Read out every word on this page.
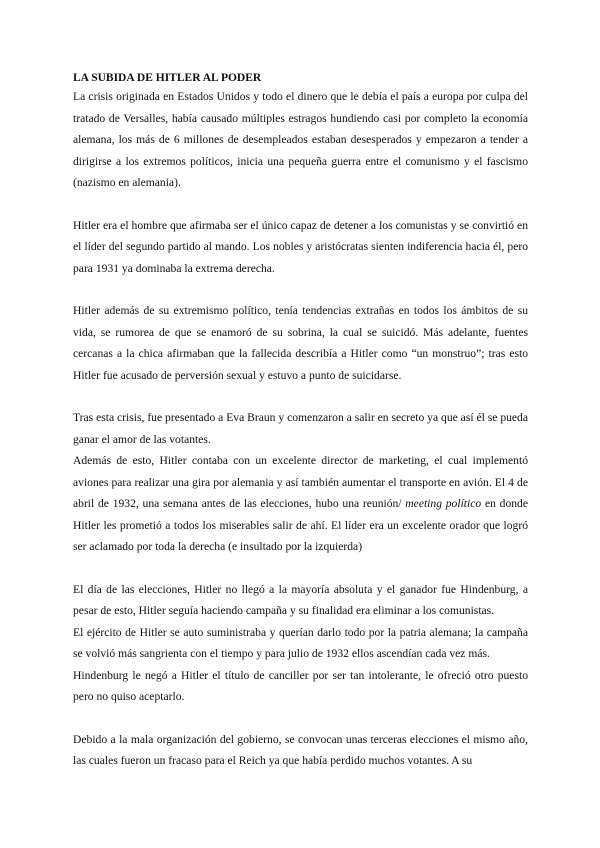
LA SUBIDA DE HITLER AL PODER

La crisis originada en Estados Unidos y todo el dinero que le debía el país a europa por culpa del tratado de Versalles, había causado múltiples estragos hundiendo casi por completo la economía alemana, los más de 6 millones de desempleados estaban desesperados y empezaron a tender a dirigirse a los extremos políticos, inicia una pequeña guerra entre el comunismo y el fascismo (nazismo en alemania).

Hitler era el hombre que afirmaba ser el único capaz de detener a los comunistas y se convirtió en el líder del segundo partido al mando. Los nobles y aristócratas sienten indiferencia hacia él, pero para 1931 ya dominaba la extrema derecha.

Hitler además de su extremismo político, tenía tendencias extrañas en todos los ámbitos de su vida, se rumorea de que se enamoró de su sobrina, la cual se suicidó. Más adelante, fuentes cercanas a la chica afirmaban que la fallecida describía a Hitler como “un monstruo”; tras esto Hitler fue acusado de perversión sexual y estuvo a punto de suicidarse.

Tras esta crisis, fue presentado a Eva Braun y comenzaron a salir en secreto ya que así él se pueda ganar el amor de las votantes.

Además de esto, Hitler contaba con un excelente director de marketing, el cual implementó aviones para realizar una gira por alemania y así también aumentar el transporte en avión. El 4 de abril de 1932, una semana antes de las elecciones, hubo una reunión/ meeting político en donde Hitler les prometió a todos los miserables salir de ahí. El líder era un excelente orador que logró ser aclamado por toda la derecha (e insultado por la izquierda)

El día de las elecciones, Hitler no llegó a la mayoría absoluta y el ganador fue Hindenburg, a pesar de esto, Hitler seguía haciendo campaña y su finalidad era eliminar a los comunistas.

El ejército de Hitler se auto suministraba y querían darlo todo por la patria alemana; la campaña se volvió más sangrienta con el tiempo y para julio de 1932 ellos ascendían cada vez más.

Hindenburg le negó a Hitler el título de canciller por ser tan intolerante, le ofreció otro puesto pero no quiso aceptarlo.

Debido a la mala organización del gobierno, se convocan unas terceras elecciones el mismo año, las cuales fueron un fracaso para el Reich ya que había perdido muchos votantes. A su
